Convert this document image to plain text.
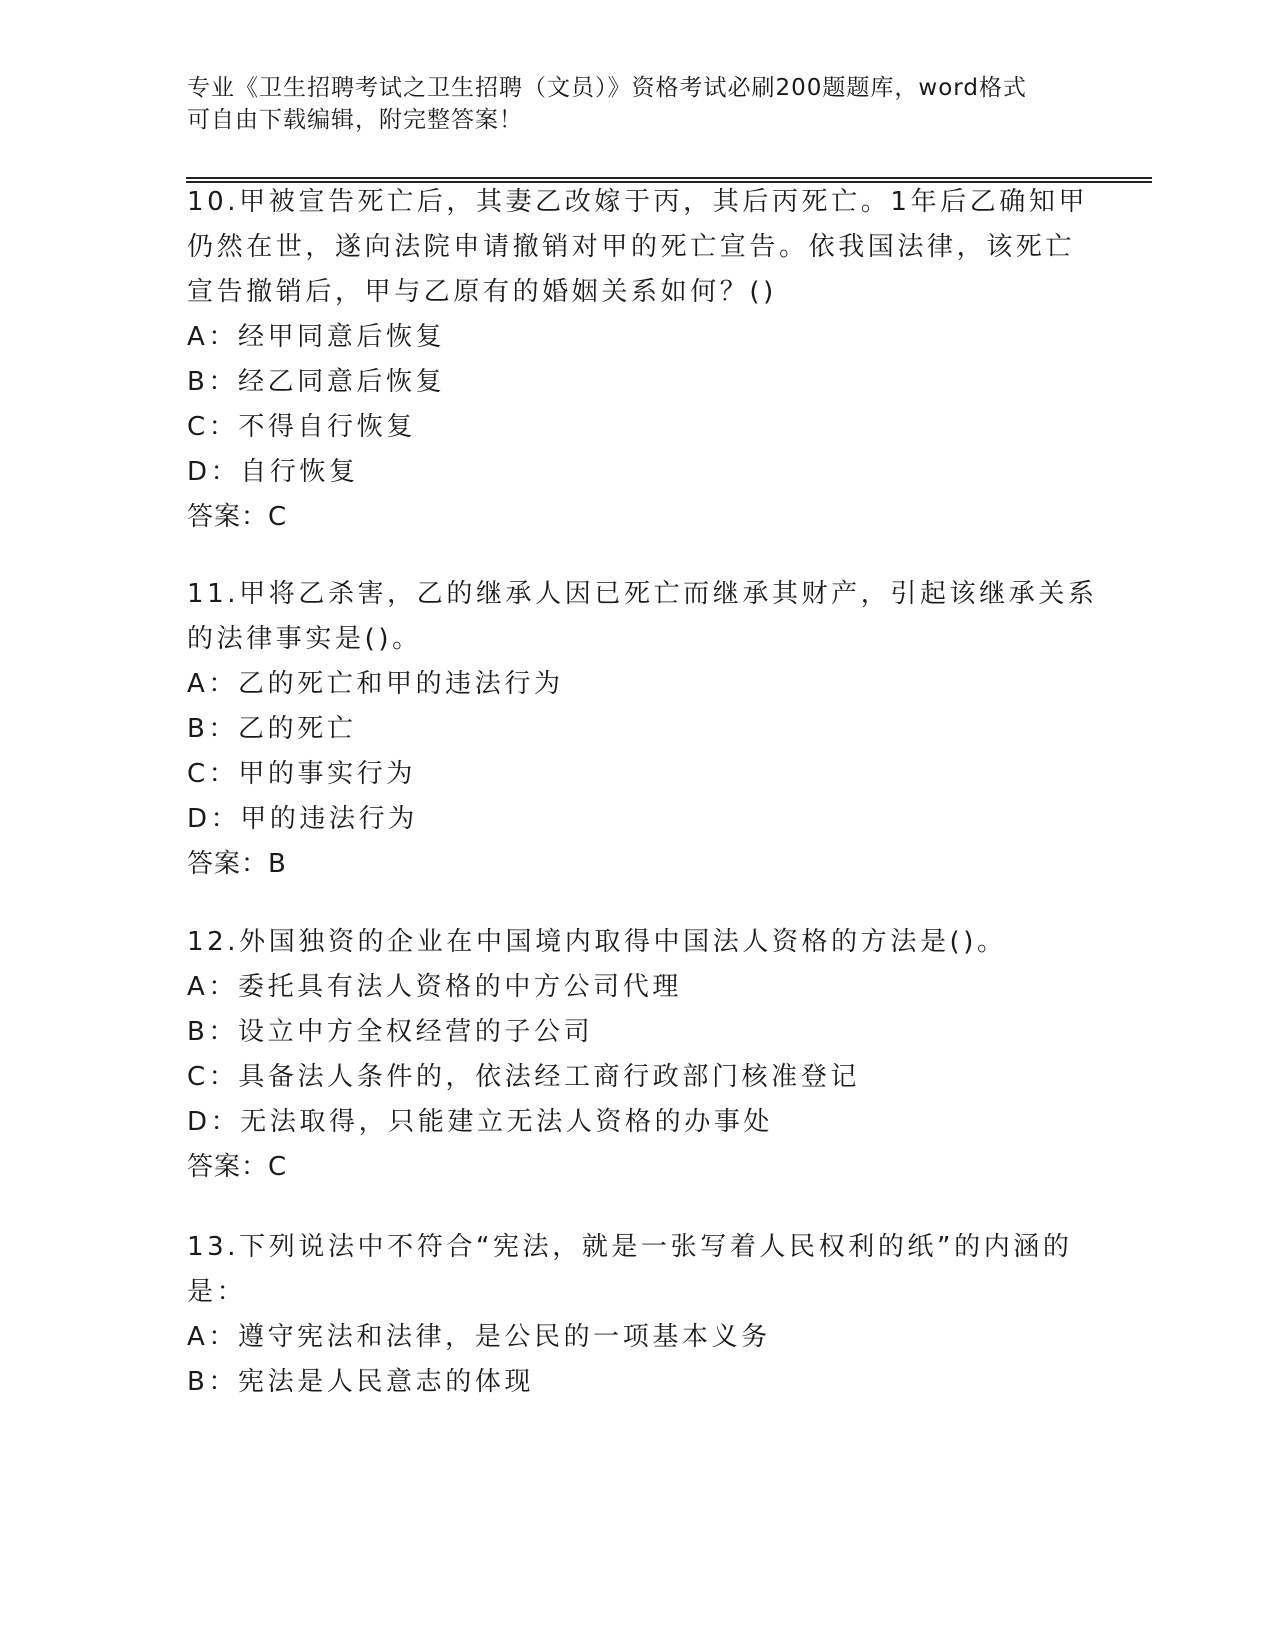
专业《卫生招聘考试之卫生招聘（文员）》资格考试必刷200题题库，word格式
可自由下载编辑，附完整答案！
10.甲被宣告死亡后，其妻乙改嫁于丙，其后丙死亡。1年后乙确知甲
仍然在世，遂向法院申请撤销对甲的死亡宣告。依我国法律，该死亡
宣告撤销后，甲与乙原有的婚姻关系如何？()
A：经甲同意后恢复
B：经乙同意后恢复
C：不得自行恢复
D：自行恢复
答案：C
11.甲将乙杀害，乙的继承人因已死亡而继承其财产，引起该继承关系
的法律事实是()。
A：乙的死亡和甲的违法行为
B：乙的死亡
C：甲的事实行为
D：甲的违法行为
答案：B
12.外国独资的企业在中国境内取得中国法人资格的方法是()。
A：委托具有法人资格的中方公司代理
B：设立中方全权经营的子公司
C：具备法人条件的，依法经工商行政部门核准登记
D：无法取得，只能建立无法人资格的办事处
答案：C
13.下列说法中不符合“宪法，就是一张写着人民权利的纸”的内涵的
是：
A：遵守宪法和法律，是公民的一项基本义务
B：宪法是人民意志的体现
